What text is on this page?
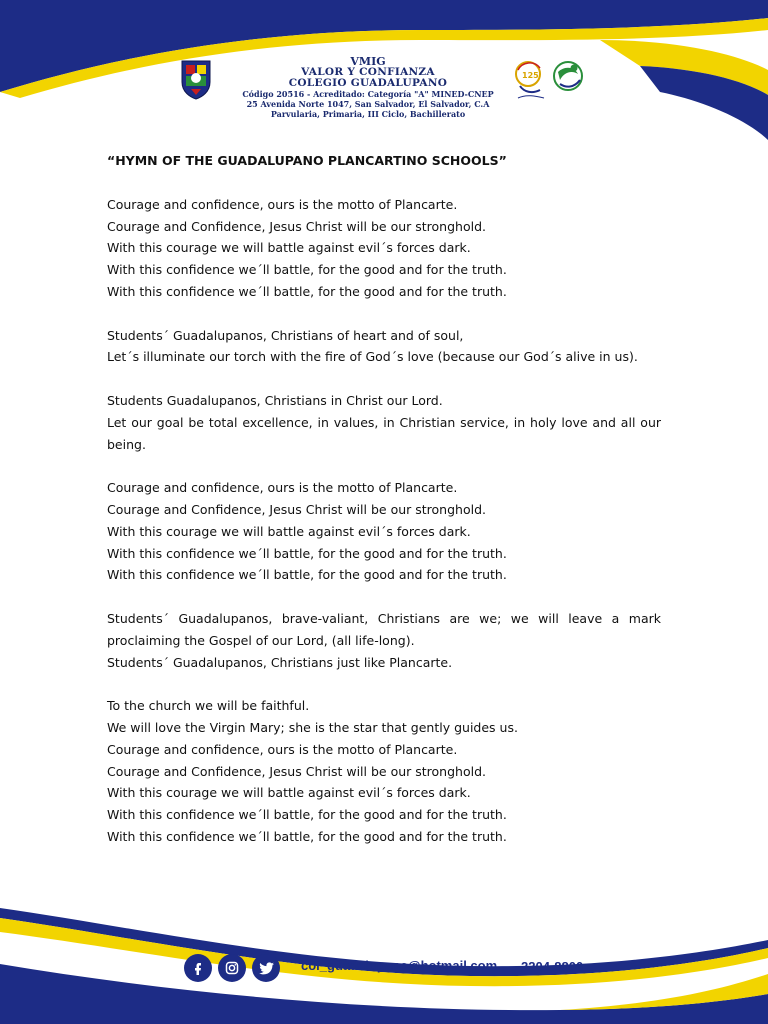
VMIG
VALOR Y CONFIANZA
COLEGIO GUADALUPANO
Código 20516 - Acreditado: Categoría "A" MINED-CNEP
25 Avenida Norte 1047, San Salvador, El Salvador, C.A
Parvularia, Primaria, III Ciclo, Bachillerato
125
“HYMN OF THE GUADALUPANO PLANCARTINO SCHOOLS”
Courage and confidence, ours is the motto of Plancarte.
Courage and Confidence, Jesus Christ will be our stronghold.
With this courage we will battle against evil´s forces dark.
With this confidence we´ll battle, for the good and for the truth.
With this confidence we´ll battle, for the good and for the truth.
Students´ Guadalupanos, Christians of heart and of soul,
Let´s illuminate our torch with the fire of God´s love (because our God´s alive in us).
Students Guadalupanos, Christians in Christ our Lord.
Let our goal be total excellence, in values, in Christian service, in holy love and all our being.
Courage and confidence, ours is the motto of Plancarte.
Courage and Confidence, Jesus Christ will be our stronghold.
With this courage we will battle against evil´s forces dark.
With this confidence we´ll battle, for the good and for the truth.
With this confidence we´ll battle, for the good and for the truth.
Students´ Guadalupanos, brave-valiant, Christians are we; we will leave a mark proclaiming the Gospel of our Lord, (all life-long).
Students´ Guadalupanos, Christians just like Plancarte.
To the church we will be faithful.
We will love the Virgin Mary; she is the star that gently guides us.
Courage and confidence, ours is the motto of Plancarte.
Courage and Confidence, Jesus Christ will be our stronghold.
With this courage we will battle against evil´s forces dark.
With this confidence we´ll battle, for the good and for the truth.
With this confidence we´ll battle, for the good and for the truth.
col_guadalupano@hotmail.com 2204-8800
